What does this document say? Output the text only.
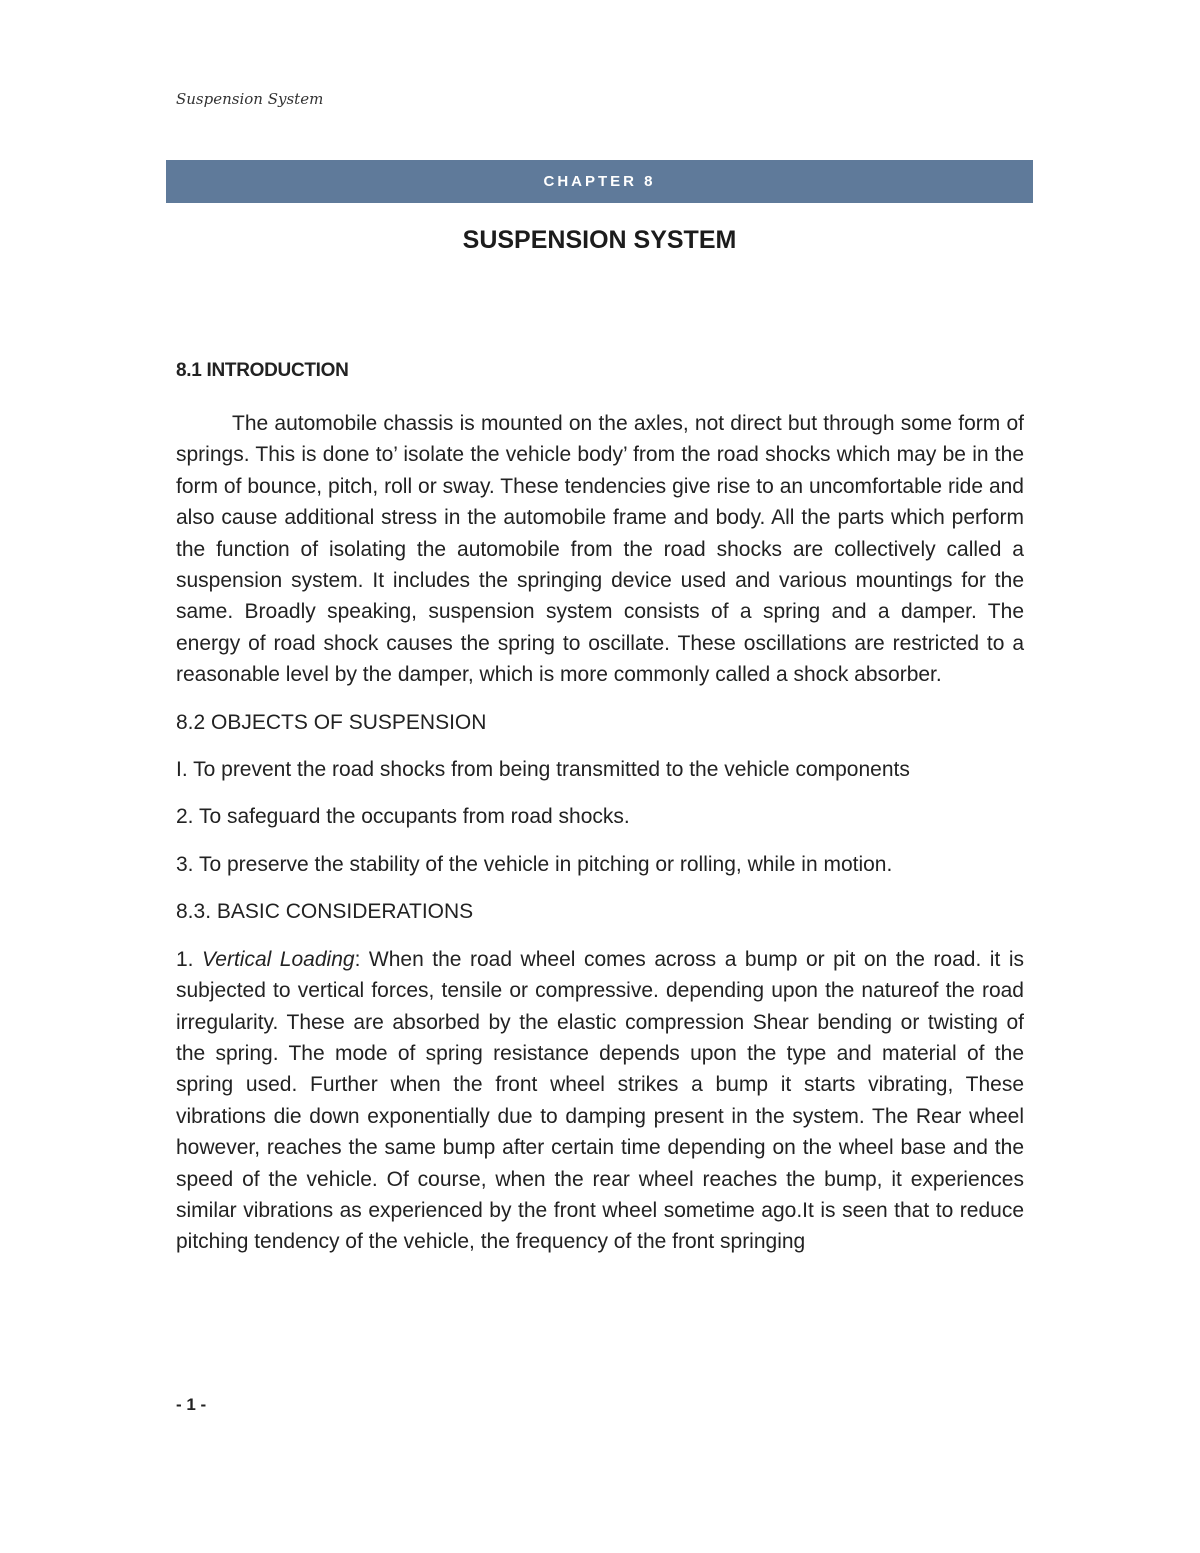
Suspension System
CHAPTER 8
SUSPENSION SYSTEM
8.1 INTRODUCTION

The automobile chassis is mounted on the axles, not direct but through some form of springs. This is done to’ isolate the vehicle body’ from the road shocks which may be in the form of bounce, pitch, roll or sway. These tendencies give rise to an uncomfortable ride and also cause additional stress in the automobile frame and body. All the parts which perform the function of isolating the automobile from the road shocks are collectively called a suspension system. It includes the springing device used and various mountings for the same. Broadly speaking, suspension system consists of a spring and a damper. The energy of road shock causes the spring to oscillate. These oscillations are restricted to a reasonable level by the damper, which is more commonly called a shock absorber.

8.2 OBJECTS OF SUSPENSION

I. To prevent the road shocks from being transmitted to the vehicle components

2. To safeguard the occupants from road shocks.

3. To preserve the stability of the vehicle in pitching or rolling, while in motion.

8.3. BASIC CONSIDERATIONS

1. Vertical Loading: When the road wheel comes across a bump or pit on the road. it is subjected to vertical forces, tensile or compressive. depending upon the natureof the road irregularity. These are absorbed by the elastic compression Shear bending or twisting of the spring. The mode of spring resistance depends upon the type and material of the spring used. Further when the front wheel strikes a bump it starts vibrating, These vibrations die down exponentially due to damping present in the system. The Rear wheel however, reaches the same bump after certain time depending on the wheel base and the speed of the vehicle. Of course, when the rear wheel reaches the bump, it experiences similar vibrations as experienced by the front wheel sometime ago.It is seen that to reduce pitching tendency of the vehicle, the frequency of the front springing

- 1 -
